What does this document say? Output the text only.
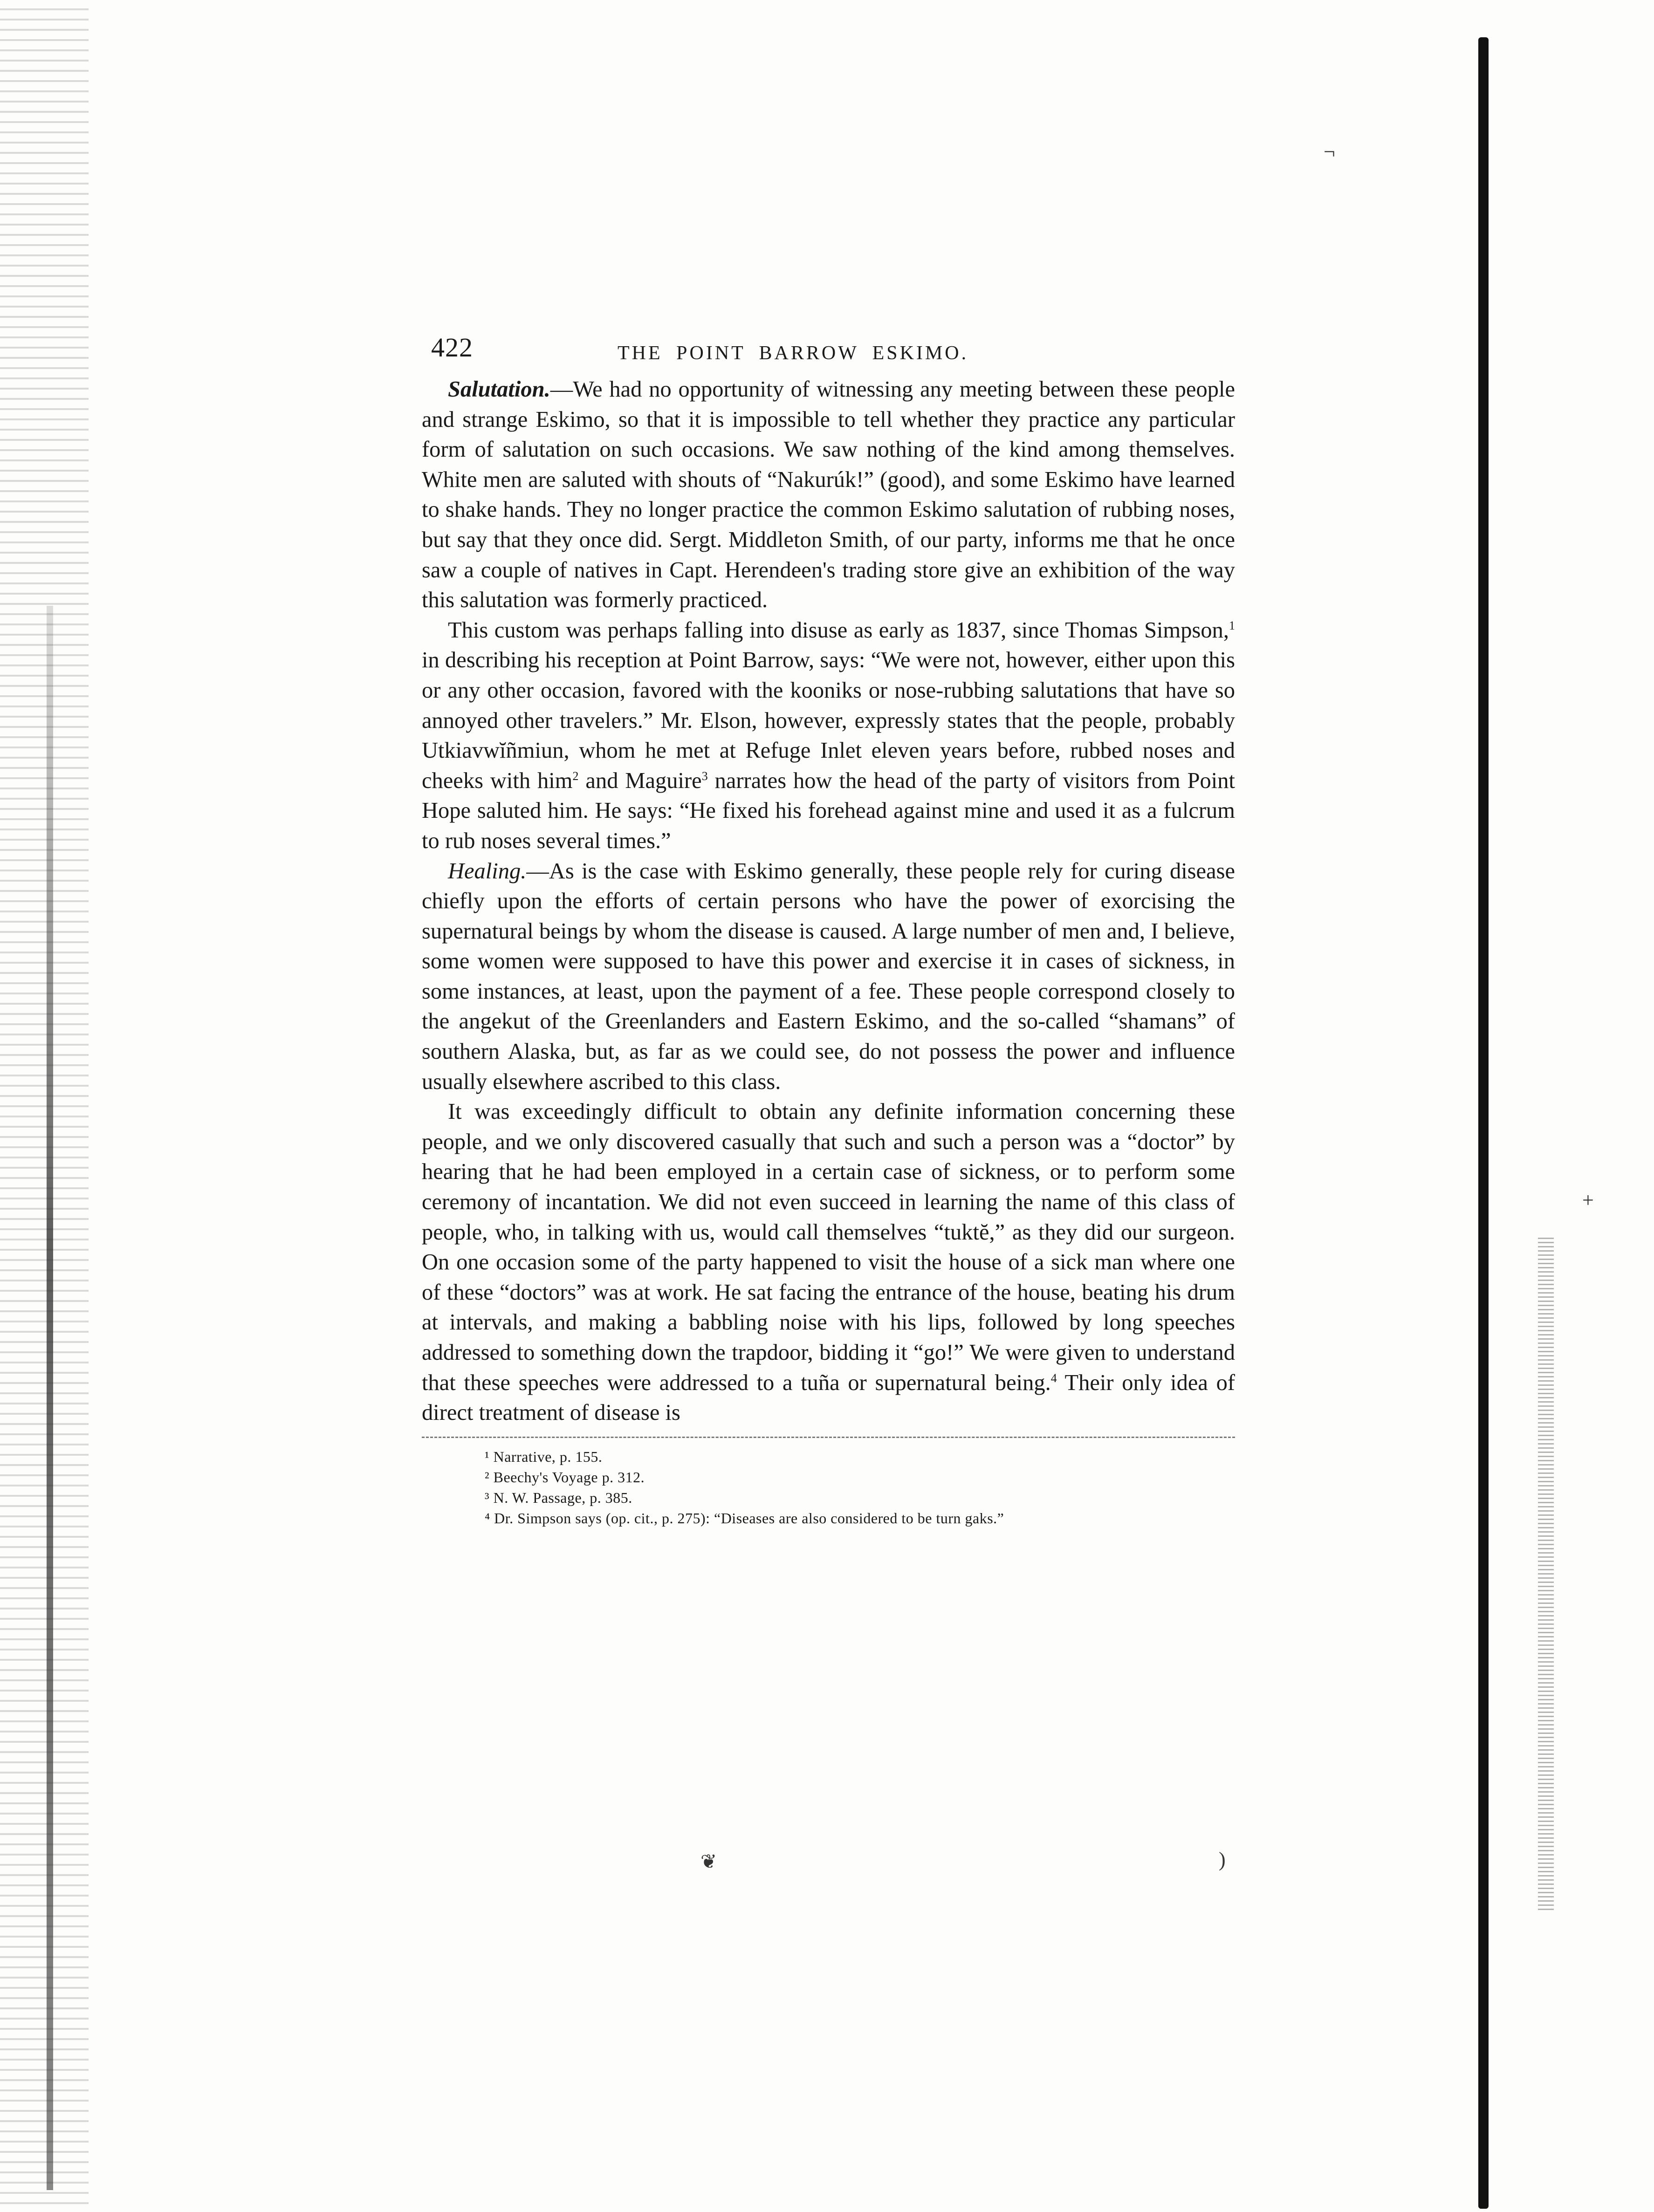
¬
+
)
422	THE POINT BARROW ESKIMO.

Salutation.—We had no opportunity of witnessing any meeting between these people and strange Eskimo, so that it is impossible to tell whether they practice any particular form of salutation on such occasions. We saw nothing of the kind among themselves. White men are saluted with shouts of “Nakurúk!” (good), and some Eskimo have learned to shake hands. They no longer practice the common Eskimo salutation of rubbing noses, but say that they once did. Sergt. Middleton Smith, of our party, informs me that he once saw a couple of natives in Capt. Herendeen's trading store give an exhibition of the way this salutation was formerly practiced.

This custom was perhaps falling into disuse as early as 1837, since Thomas Simpson,$^1$ in describing his reception at Point Barrow, says: “We were not, however, either upon this or any other occasion, favored with the kooniks or nose-rubbing salutations that have so annoyed other travelers.” Mr. Elson, however, expressly states that the people, probably Utkiavwĭñmiun, whom he met at Refuge Inlet eleven years before, rubbed noses and cheeks with him$^2$ and Maguire$^3$ narrates how the head of the party of visitors from Point Hope saluted him. He says: “He fixed his forehead against mine and used it as a fulcrum to rub noses several times.”

Healing.—As is the case with Eskimo generally, these people rely for curing disease chiefly upon the efforts of certain persons who have the power of exorcising the supernatural beings by whom the disease is caused. A large number of men and, I believe, some women were supposed to have this power and exercise it in cases of sickness, in some instances, at least, upon the payment of a fee. These people correspond closely to the angekut of the Greenlanders and Eastern Eskimo, and the so-called “shamans” of southern Alaska, but, as far as we could see, do not possess the power and influence usually elsewhere ascribed to this class.

It was exceedingly difficult to obtain any definite information concerning these people, and we only discovered casually that such and such a person was a “doctor” by hearing that he had been employed in a certain case of sickness, or to perform some ceremony of incantation. We did not even succeed in learning the name of this class of people, who, in talking with us, would call themselves “tuktĕ,” as they did our surgeon. On one occasion some of the party happened to visit the house of a sick man where one of these “doctors” was at work. He sat facing the entrance of the house, beating his drum at intervals, and making a babbling noise with his lips, followed by long speeches addressed to something down the trapdoor, bidding it “go!” We were given to understand that these speeches were addressed to a tuña or supernatural being.$^4$ Their only idea of direct treatment of disease is

¹ Narrative, p. 155.
² Beechy's Voyage p. 312.
³ N. W. Passage, p. 385.
⁴ Dr. Simpson says (op. cit., p. 275): “Diseases are also considered to be turn gaks.”
❦
